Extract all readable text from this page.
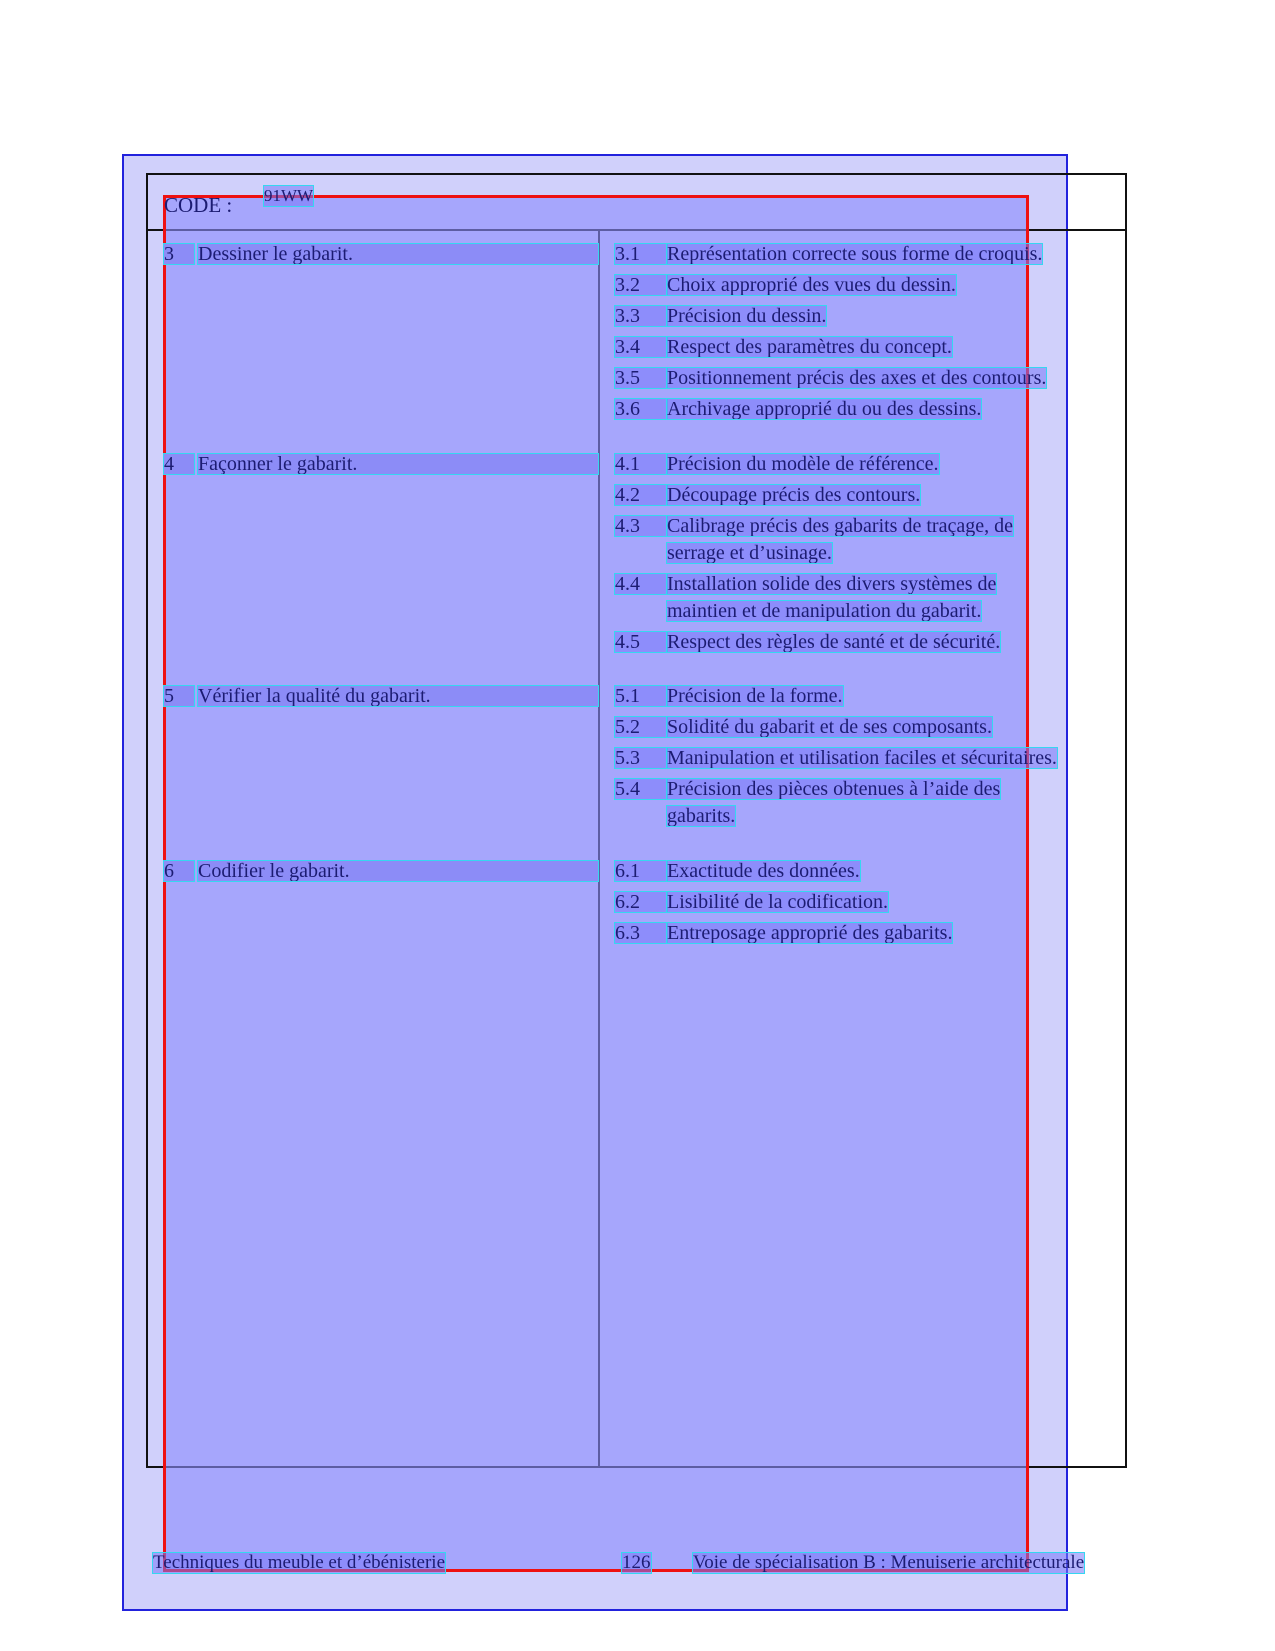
CODE : 91WW
3	Dessiner le gabarit.	3.1	Représentation correcte sous forme de croquis.
3.2	Choix approprié des vues du dessin.
3.3	Précision du dessin.
3.4	Respect des paramètres du concept.
3.5	Positionnement précis des axes et des contours.
3.6	Archivage approprié du ou des dessins.
4	Façonner le gabarit.	4.1	Précision du modèle de référence.
4.2	Découpage précis des contours.
4.3	Calibrage précis des gabarits de traçage, de
serrage et d’usinage.
4.4	Installation solide des divers systèmes de
maintien et de manipulation du gabarit.
4.5	Respect des règles de santé et de sécurité.
5	Vérifier la qualité du gabarit.	5.1	Précision de la forme.
5.2	Solidité du gabarit et de ses composants.
5.3	Manipulation et utilisation faciles et sécuritaires.
5.4	Précision des pièces obtenues à l’aide des
gabarits.
6	Codifier le gabarit.	6.1	Exactitude des données.
6.2	Lisibilité de la codification.
6.3	Entreposage approprié des gabarits.
Techniques du meuble et d’ébénisterie	126 Voie de spécialisation B : Menuiserie architecturale
